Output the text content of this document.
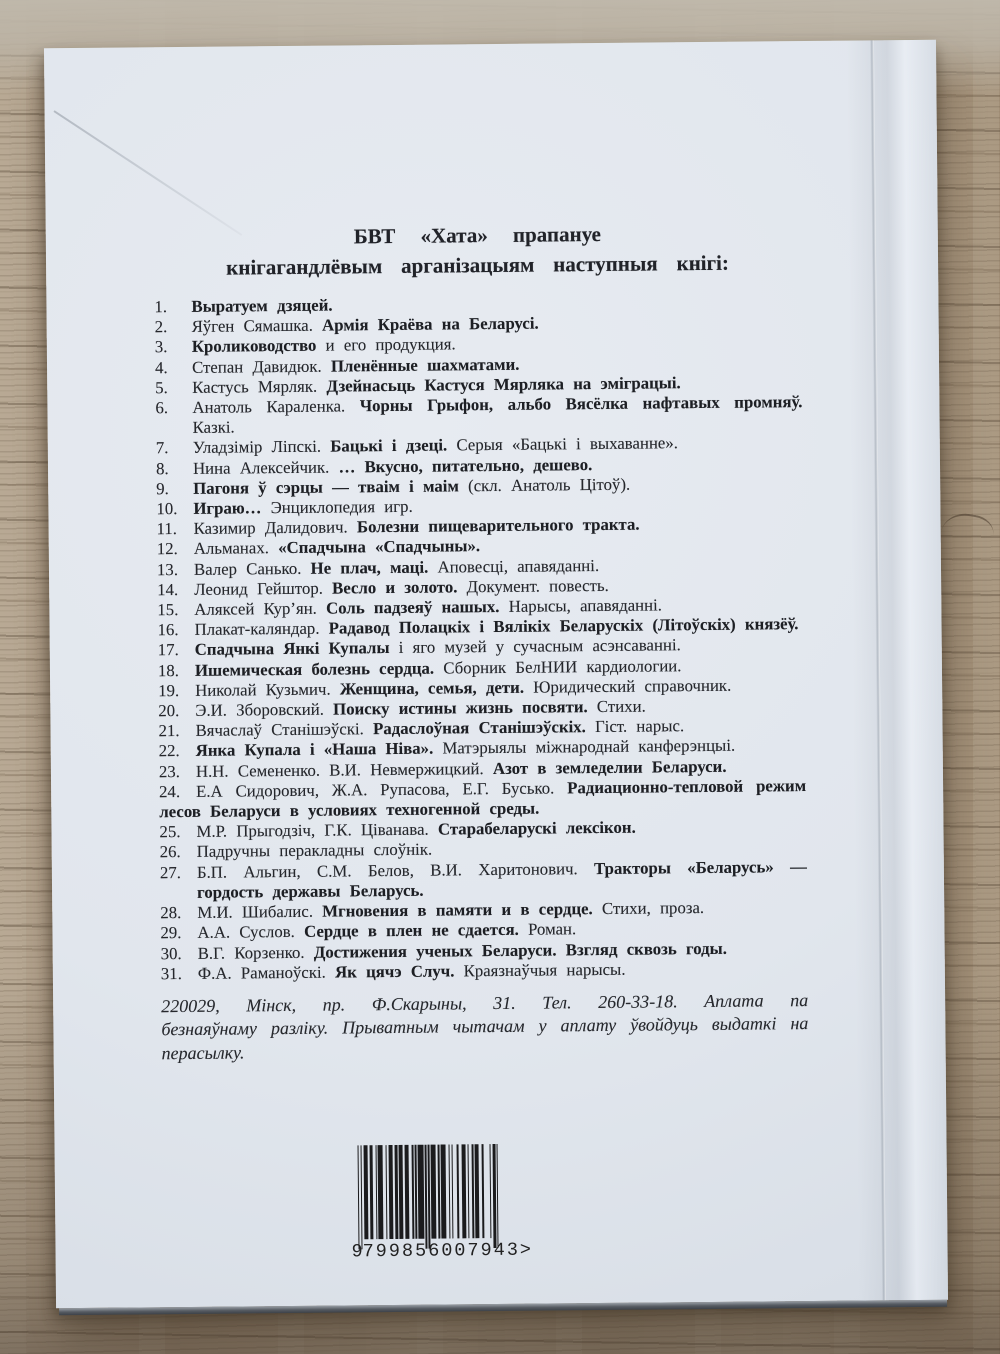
БВТ «Хата» прапануе
кнігагандлёвым арганізацыям наступныя кнігі:
1. Выратуем дзяцей.
2. Яўген Сямашка. Армія Краёва на Беларусі.
3. Кролиководство и его продукция.
4. Степан Давидюк. Пленённые шахматами.
5. Кастусь Мярляк. Дзейнасьць Кастуся Мярляка на эміграцыі.
6. Анатоль Караленка. Чорны Грыфон, альбо Вясёлка нафтавых промняў. Казкі.
7. Уладзімір Ліпскі. Бацькі і дзеці. Серыя «Бацькі і выхаванне».
8. Нина Алексейчик. … Вкусно, питательно, дешево.
9. Пагоня ў сэрцы — тваім і маім (скл. Анатоль Цітоў).
10. Играю… Энциклопедия игр.
11. Казимир Далидович. Болезни пищеварительного тракта.
12. Альманах. «Спадчына «Спадчыны».
13. Валер Санько. Не плач, маці. Аповесці, апавяданні.
14. Леонид Гейштор. Весло и золото. Документ. повесть.
15. Аляксей Кур’ян. Соль падзеяў нашых. Нарысы, апавяданні.
16. Плакат-каляндар. Радавод Полацкіх і Вялікіх Беларускіх (Літоўскіх) князёў.
17. Спадчына Янкі Купалы і яго музей у сучасным асэнсаванні.
18. Ишемическая болезнь сердца. Сборник БелНИИ кардиологии.
19. Николай Кузьмич. Женщина, семья, дети. Юридический справочник.
20. Э.И. Зборовский. Поиску истины жизнь посвяти. Стихи.
21. Вячаслаў Станішэўскі. Радаслоўная Станішэўскіх. Гіст. нарыс.
22. Янка Купала і «Наша Ніва». Матэрыялы міжнароднай канферэнцыі.
23. Н.Н. Семененко. В.И. Невмержицкий. Азот в земледелии Беларуси.
24. Е.А Сидорович, Ж.А. Рупасова, Е.Г. Бусько. Радиационно-тепловой режим лесов Беларуси в условиях техногенной среды.
25. М.Р. Прыгодзіч, Г.К. Ціванава. Старабеларускі лексікон.
26. Падручны перакладны слоўнік.
27. Б.П. Альгин, С.М. Белов, В.И. Харитонович. Тракторы «Беларусь» — гордость державы Беларусь.
28. М.И. Шибалис. Мгновения в памяти и в сердце. Стихи, проза.
29. А.А. Суслов. Сердце в плен не сдается. Роман.
30. В.Г. Корзенко. Достижения ученых Беларуси. Взгляд сквозь годы.
31. Ф.А. Раманоўскі. Як цячэ Случ. Краязнаўчыя нарысы.
220029, Мінск, пр. Ф.Скарыны, 31. Тел. 260-33-18. Аплата па безнаяўнаму разліку. Прыватным чытачам у аплату ўвойдуць выдаткі на перасылку.
9 799856 007943 >
